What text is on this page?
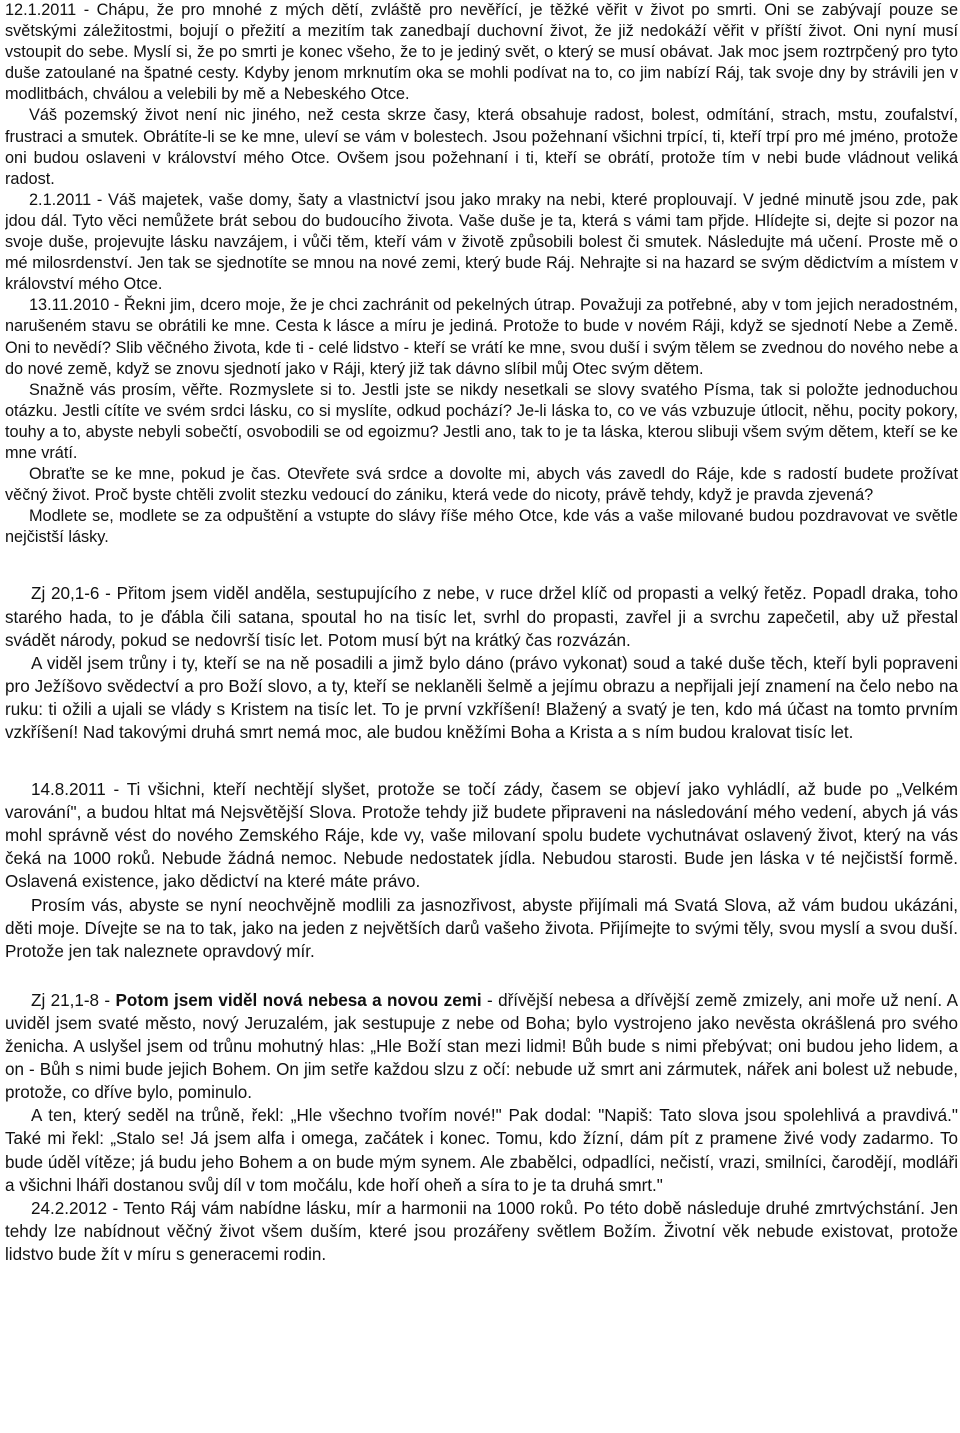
12.1.2011 - Chápu, že pro mnohé z mých dětí, zvláště pro nevěřící, je těžké věřit v život po smrti. Oni se zabývají pouze se světskými záležitostmi, bojují o přežití a mezitím tak zanedbají duchovní život, že již nedokáží věřit v příští život. Oni nyní musí vstoupit do sebe. Myslí si, že po smrti je konec všeho, že to je jediný svět, o který se musí obávat. Jak moc jsem roztrpčený pro tyto duše zatoulané na špatné cesty. Kdyby jenom mrknutím oka se mohli podívat na to, co jim nabízí Ráj, tak svoje dny by strávili jen v modlitbách, chválou a velebili by mě a Nebeského Otce.

Váš pozemský život není nic jiného, než cesta skrze časy, která obsahuje radost, bolest, odmítání, strach, mstu, zoufalství, frustraci a smutek. Obrátíte-li se ke mne, uleví se vám v bolestech. Jsou požehnaní všichni trpící, ti, kteří trpí pro mé jméno, protože oni budou oslaveni v království mého Otce. Ovšem jsou požehnaní i ti, kteří se obrátí, protože tím v nebi bude vládnout veliká radost.

2.1.2011 - Váš majetek, vaše domy, šaty a vlastnictví jsou jako mraky na nebi, které proplouvají. V jedné minutě jsou zde, pak jdou dál. Tyto věci nemůžete brát sebou do budoucího života. Vaše duše je ta, která s vámi tam přjde. Hlídejte si, dejte si pozor na svoje duše, projevujte lásku navzájem, i vůči těm, kteří vám v životě způsobili bolest či smutek. Následujte má učení. Proste mě o mé milosrdenství. Jen tak se sjednotíte se mnou na nové zemi, který bude Ráj. Nehrajte si na hazard se svým dědictvím a místem v království mého Otce.

13.11.2010 - Řekni jim, dcero moje, že je chci zachránit od pekelných útrap. Považuji za potřebné, aby v tom jejich neradostném, narušeném stavu se obrátili ke mne. Cesta k lásce a míru je jediná. Protože to bude v novém Ráji, když se sjednotí Nebe a Země. Oni to nevědí? Slib věčného života, kde ti - celé lidstvo - kteří se vrátí ke mne, svou duší i svým tělem se zvednou do nového nebe a do nové země, když se znovu sjednotí jako v Ráji, který již tak dávno slíbil můj Otec svým dětem.

Snažně vás prosím, věřte. Rozmyslete si to. Jestli jste se nikdy nesetkali se slovy svatého Písma, tak si položte jednoduchou otázku. Jestli cítíte ve svém srdci lásku, co si myslíte, odkud pochází? Je-li láska to, co ve vás vzbuzuje útlocit, něhu, pocity pokory, touhy a to, abyste nebyli sobečtí, osvobodili se od egoizmu? Jestli ano, tak to je ta láska, kterou slibuji všem svým dětem, kteří se ke mne vrátí.

Obraťte se ke mne, pokud je čas. Otevřete svá srdce a dovolte mi, abych vás zavedl do Ráje, kde s radostí budete prožívat věčný život. Proč byste chtěli zvolit stezku vedoucí do zániku, která vede do nicoty, právě tehdy, když je pravda zjevená?

Modlete se, modlete se za odpuštění a vstupte do slávy říše mého Otce, kde vás a vaše milované budou pozdravovat ve světle nejčistší lásky.

Zj 20,1-6 - Přitom jsem viděl anděla, sestupujícího z nebe, v ruce držel klíč od propasti a velký řetěz. Popadl draka, toho starého hada, to je ďábla čili satana, spoutal ho na tisíc let, svrhl do propasti, zavřel ji a svrchu zapečetil, aby už přestal svádět národy, pokud se nedovrší tisíc let. Potom musí být na krátký čas rozvázán.

A viděl jsem trůny i ty, kteří se na ně posadili a jimž bylo dáno (právo vykonat) soud a také duše těch, kteří byli popraveni pro Ježíšovo svědectví a pro Boží slovo, a ty, kteří se neklaněli šelmě a jejímu obrazu a nepřijali její znamení na čelo nebo na ruku: ti ožili a ujali se vlády s Kristem na tisíc let. To je první vzkříšení! Blažený a svatý je ten, kdo má účast na tomto prvním vzkříšení! Nad takovými druhá smrt nemá moc, ale budou kněžími Boha a Krista a s ním budou kralovat tisíc let.

14.8.2011 - Ti všichni, kteří nechtějí slyšet, protože se točí zády, časem se objeví jako vyhládlí, až bude po „Velkém varování", a budou hltat má Nejsvětější Slova. Protože tehdy již budete připraveni na následování mého vedení, abych já vás mohl správně vést do nového Zemského Ráje, kde vy, vaše milovaní spolu budete vychutnávat oslavený život, který na vás čeká na 1000 roků. Nebude žádná nemoc. Nebude nedostatek jídla. Nebudou starosti. Bude jen láska v té nejčistší formě. Oslavená existence, jako dědictví na které máte právo.

Prosím vás, abyste se nyní neochvějně modlili za jasnozřivost, abyste přijímali má Svatá Slova, až vám budou ukázáni, děti moje. Dívejte se na to tak, jako na jeden z největších darů vašeho života. Přijímejte to svými těly, svou myslí a svou duší. Protože jen tak naleznete opravdový mír.

Zj 21,1-8 - Potom jsem viděl nová nebesa a novou zemi - dřívější nebesa a dřívější země zmizely, ani moře už není. A uviděl jsem svaté město, nový Jeruzalém, jak sestupuje z nebe od Boha; bylo vystrojeno jako nevěsta okrášlená pro svého ženicha. A uslyšel jsem od trůnu mohutný hlas: „Hle Boží stan mezi lidmi! Bůh bude s nimi přebývat; oni budou jeho lidem, a on - Bůh s nimi bude jejich Bohem. On jim setře každou slzu z očí: nebude už smrt ani zármutek, nářek ani bolest už nebude, protože, co dříve bylo, pominulo.

A ten, který seděl na trůně, řekl: „Hle všechno tvořím nové!" Pak dodal: "Napiš: Tato slova jsou spolehlivá a pravdivá." Také mi řekl: „Stalo se! Já jsem alfa i omega, začátek i konec. Tomu, kdo žízní, dám pít z pramene živé vody zadarmo. To bude úděl vítěze; já budu jeho Bohem a on bude mým synem. Ale zbabělci, odpadlíci, nečistí, vrazi, smilníci, čarodějí, modláři a všichni lháři dostanou svůj díl v tom močálu, kde hoří oheň a síra to je ta druhá smrt."

24.2.2012 - Tento Ráj vám nabídne lásku, mír a harmonii na 1000 roků. Po této době následuje druhé zmrtvýchstání. Jen tehdy lze nabídnout věčný život všem duším, které jsou prozářeny světlem Božím. Životní věk nebude existovat, protože lidstvo bude žít v míru s generacemi rodin.
